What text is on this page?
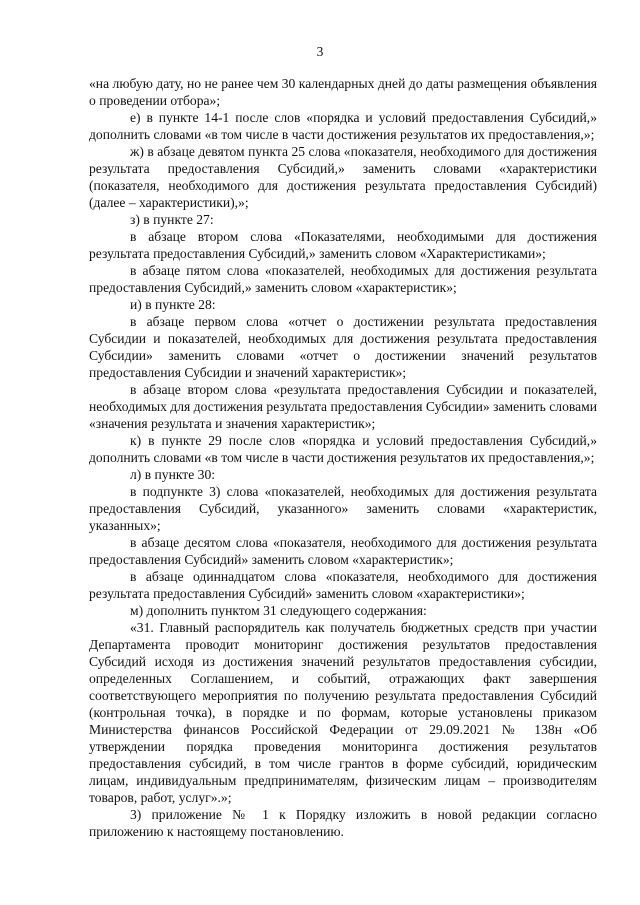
3

«на любую дату, но не ранее чем 30 календарных дней до даты размещения объявления о проведении отбора»;

е) в пункте 14-1 после слов «порядка и условий предоставления Субсидий,» дополнить словами «в том числе в части достижения результатов их предоставления,»;

ж) в абзаце девятом пункта 25 слова «показателя, необходимого для достижения результата предоставления Субсидий,» заменить словами «характеристики (показателя, необходимого для достижения результата предоставления Субсидий) (далее – характеристики),»;

з) в пункте 27:

в абзаце втором слова «Показателями, необходимыми для достижения результата предоставления Субсидий,» заменить словом «Характеристиками»;

в абзаце пятом слова «показателей, необходимых для достижения результата предоставления Субсидий,» заменить словом «характеристик»;

и) в пункте 28:

в абзаце первом слова «отчет о достижении результата предоставления Субсидии и показателей, необходимых для достижения результата предоставления Субсидии» заменить словами «отчет о достижении значений результатов предоставления Субсидии и значений характеристик»;

в абзаце втором слова «результата предоставления Субсидии и показателей, необходимых для достижения результата предоставления Субсидии» заменить словами «значения результата и значения характеристик»;

к) в пункте 29 после слов «порядка и условий предоставления Субсидий,» дополнить словами «в том числе в части достижения результатов их предоставления,»;

л) в пункте 30:

в подпункте 3) слова «показателей, необходимых для достижения результата предоставления Субсидий, указанного» заменить словами «характеристик, указанных»;

в абзаце десятом слова «показателя, необходимого для достижения результата предоставления Субсидий» заменить словом «характеристик»;

в абзаце одиннадцатом слова «показателя, необходимого для достижения результата предоставления Субсидий» заменить словом «характеристики»;

м) дополнить пунктом 31 следующего содержания:

«31. Главный распорядитель как получатель бюджетных средств при участии Департамента проводит мониторинг достижения результатов предоставления Субсидий исходя из достижения значений результатов предоставления субсидии, определенных Соглашением, и событий, отражающих факт завершения соответствующего мероприятия по получению результата предоставления Субсидий (контрольная точка), в порядке и по формам, которые установлены приказом Министерства финансов Российской Федерации от 29.09.2021 № 138н «Об утверждении порядка проведения мониторинга достижения результатов предоставления субсидий, в том числе грантов в форме субсидий, юридическим лицам, индивидуальным предпринимателям, физическим лицам – производителям товаров, работ, услуг».»;

3) приложение № 1 к Порядку изложить в новой редакции согласно приложению к настоящему постановлению.
